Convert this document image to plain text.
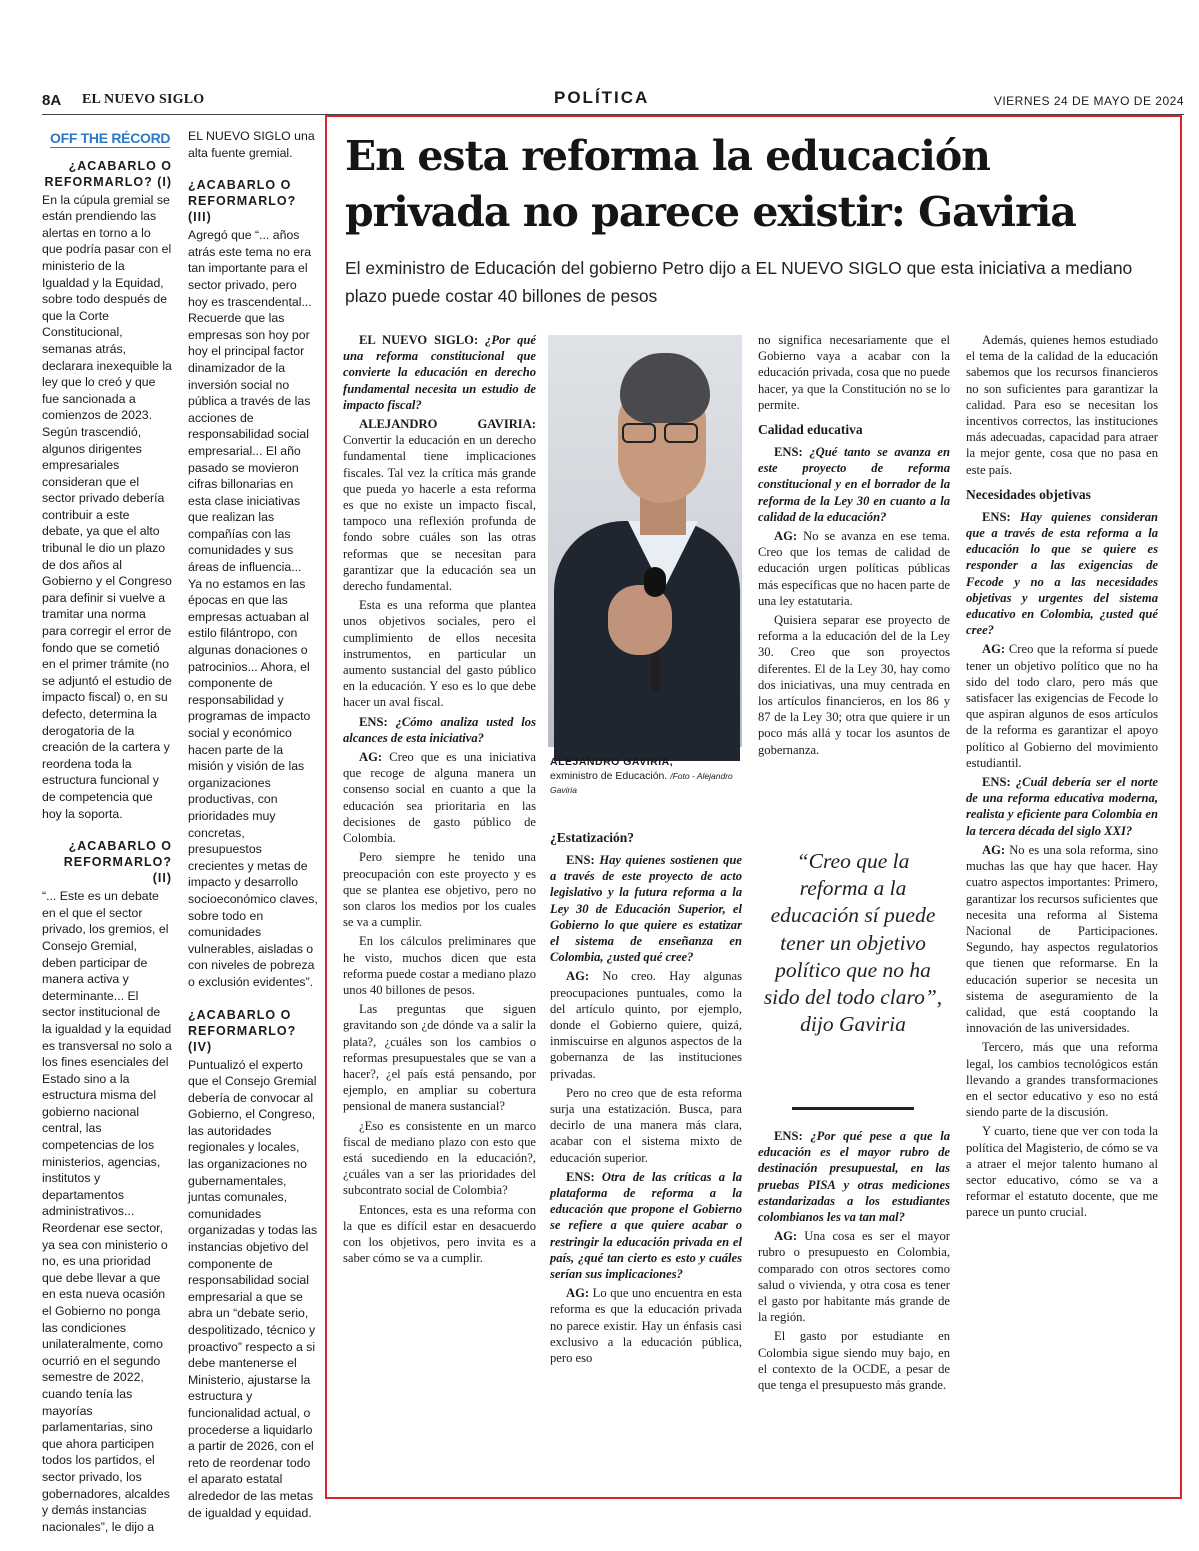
8A EL NUEVO SIGLO	POLÍTICA	VIERNES 24 DE MAYO DE 2024
OFF THE RÉCORD
¿ACABARLO O REFORMARLO? (I)

En la cúpula gremial se están prendiendo las alertas en torno a lo que podría pasar con el ministerio de la Igualdad y la Equidad, sobre todo después de que la Corte Constitucional, semanas atrás, declarara inexequible la ley que lo creó y que fue sancionada a comienzos de 2023. Según trascendió, algunos dirigentes empresariales consideran que el sector privado debería contribuir a este debate, ya que el alto tribunal le dio un plazo de dos años al Gobierno y el Congreso para definir si vuelve a tramitar una norma para corregir el error de fondo que se cometió en el primer trámite (no se adjuntó el estudio de impacto fiscal) o, en su defecto, determina la derogatoria de la creación de la cartera y reordena toda la estructura funcional y de competencia que hoy la soporta.

¿ACABARLO O REFORMARLO? (II)

“... Este es un debate en el que el sector privado, los gremios, el Consejo Gremial, deben participar de manera activa y determinante... El sector institucional de la igualdad y la equidad es transversal no solo a los fines esenciales del Estado sino a la estructura misma del gobierno nacional central, las competencias de los ministerios, agencias, institutos y departamentos administrativos... Reordenar ese sector, ya sea con ministerio o no, es una prioridad que debe llevar a que en esta nueva ocasión el Gobierno no ponga las condiciones unilateralmente, como ocurrió en el segundo semestre de 2022, cuando tenía las mayorías parlamentarias, sino que ahora participen todos los partidos, el sector privado, los gobernadores, alcaldes y demás instancias nacionales”, le dijo a

EL NUEVO SIGLO una alta fuente gremial.

¿ACABARLO O REFORMARLO? (III)

Agregó que “... años atrás este tema no era tan importante para el sector privado, pero hoy es trascendental... Recuerde que las empresas son hoy por hoy el principal factor dinamizador de la inversión social no pública a través de las acciones de responsabilidad social empresarial... El año pasado se movieron cifras billonarias en esta clase iniciativas que realizan las compañías con las comunidades y sus áreas de influencia... Ya no estamos en las épocas en que las empresas actuaban al estilo filántropo, con algunas donaciones o patrocinios... Ahora, el componente de responsabilidad y programas de impacto social y económico hacen parte de la misión y visión de las organizaciones productivas, con prioridades muy concretas, presupuestos crecientes y metas de impacto y desarrollo socioeconómico claves, sobre todo en comunidades vulnerables, aisladas o con niveles de pobreza o exclusión evidentes”.

¿ACABARLO O REFORMARLO? (IV)

Puntualizó el experto que el Consejo Gremial debería de convocar al Gobierno, el Congreso, las autoridades regionales y locales, las organizaciones no gubernamentales, juntas comunales, comunidades organizadas y todas las instancias objetivo del componente de responsabilidad social empresarial a que se abra un “debate serio, despolitizado, técnico y proactivo” respecto a si debe mantenerse el Ministerio, ajustarse la estructura y funcionalidad actual, o procederse a liquidarlo a partir de 2026, con el reto de reordenar todo el aparato estatal alrededor de las metas de igualdad y equidad.

En esta reforma la educación privada no parece existir: Gaviria
El exministro de Educación del gobierno Petro dijo a EL NUEVO SIGLO que esta iniciativa a mediano plazo puede costar 40 billones de pesos

EL NUEVO SIGLO: ¿Por qué una reforma constitucional que convierte la educación en derecho fundamental necesita un estudio de impacto fiscal?

ALEJANDRO GAVIRIA: Convertir la educación en un derecho fundamental tiene implicaciones fiscales. Tal vez la crítica más grande que pueda yo hacerle a esta reforma es que no existe un impacto fiscal, tampoco una reflexión profunda de fondo sobre cuáles son las otras reformas que se necesitan para garantizar que la educación sea un derecho fundamental.

Esta es una reforma que plantea unos objetivos sociales, pero el cumplimiento de ellos necesita instrumentos, en particular un aumento sustancial del gasto público en la educación. Y eso es lo que debe hacer un aval fiscal.

ENS: ¿Cómo analiza usted los alcances de esta iniciativa?

AG: Creo que es una iniciativa que recoge de alguna manera un consenso social en cuanto a que la educación sea prioritaria en las decisiones de gasto público de Colombia.

Pero siempre he tenido una preocupación con este proyecto y es que se plantea ese objetivo, pero no son claros los medios por los cuales se va a cumplir.

En los cálculos preliminares que he visto, muchos dicen que esta reforma puede costar a mediano plazo unos 40 billones de pesos.

Las preguntas que siguen gravitando son ¿de dónde va a salir la plata?, ¿cuáles son los cambios o reformas presupuestales que se van a hacer?, ¿el país está pensando, por ejemplo, en ampliar su cobertura pensional de manera sustancial?

¿Eso es consistente en un marco fiscal de mediano plazo con esto que está sucediendo en la educación?, ¿cuáles van a ser las prioridades del subcontrato social de Colombia?

Entonces, esta es una reforma con la que es difícil estar en desacuerdo con los objetivos, pero invita es a saber cómo se va a cumplir.

¿Estatización?

ENS: Hay quienes sostienen que a través de este proyecto de acto legislativo y la futura reforma a la Ley 30 de Educación Superior, el Gobierno lo que quiere es estatizar el sistema de enseñanza en Colombia, ¿usted qué cree?

AG: No creo. Hay algunas preocupaciones puntuales, como la del artículo quinto, por ejemplo, donde el Gobierno quiere, quizá, inmiscuirse en algunos aspectos de la gobernanza de las instituciones privadas.

Pero no creo que de esta reforma surja una estatización. Busca, para decirlo de una manera más clara, acabar con el sistema mixto de educación superior.

ENS: Otra de las críticas a la plataforma de reforma a la educación que propone el Gobierno se refiere a que quiere acabar o restringir la educación privada en el país, ¿qué tan cierto es esto y cuáles serían sus implicaciones?

AG: Lo que uno encuentra en esta reforma es que la educación privada no parece existir. Hay un énfasis casi exclusivo a la educación pública, pero eso

no significa necesariamente que el Gobierno vaya a acabar con la educación privada, cosa que no puede hacer, ya que la Constitución no se lo permite.

Calidad educativa

ENS: ¿Qué tanto se avanza en este proyecto de reforma constitucional y en el borrador de la reforma de la Ley 30 en cuanto a la calidad de la educación?

AG: No se avanza en ese tema. Creo que los temas de calidad de educación urgen políticas públicas más específicas que no hacen parte de una ley estatutaria.

Quisiera separar ese proyecto de reforma a la educación del de la Ley 30. Creo que son proyectos diferentes. El de la Ley 30, hay como dos iniciativas, una muy centrada en los artículos financieros, en los 86 y 87 de la Ley 30; otra que quiere ir un poco más allá y tocar los asuntos de gobernanza.

ENS: ¿Por qué pese a que la educación es el mayor rubro de destinación presupuestal, en las pruebas PISA y otras mediciones estandarizadas a los estudiantes colombianos les va tan mal?

AG: Una cosa es ser el mayor rubro o presupuesto en Colombia, comparado con otros sectores como salud o vivienda, y otra cosa es tener el gasto por habitante más grande de la región.

El gasto por estudiante en Colombia sigue siendo muy bajo, en el contexto de la OCDE, a pesar de que tenga el presupuesto más grande.

Además, quienes hemos estudiado el tema de la calidad de la educación sabemos que los recursos financieros no son suficientes para garantizar la calidad. Para eso se necesitan los incentivos correctos, las instituciones más adecuadas, capacidad para atraer la mejor gente, cosa que no pasa en este país.

Necesidades objetivas

ENS: Hay quienes consideran que a través de esta reforma a la educación lo que se quiere es responder a las exigencias de Fecode y no a las necesidades objetivas y urgentes del sistema educativo en Colombia, ¿usted qué cree?

AG: Creo que la reforma sí puede tener un objetivo político que no ha sido del todo claro, pero más que satisfacer las exigencias de Fecode lo que aspiran algunos de esos artículos de la reforma es garantizar el apoyo político al Gobierno del movimiento estudiantil.

ENS: ¿Cuál debería ser el norte de una reforma educativa moderna, realista y eficiente para Colombia en la tercera década del siglo XXI?

AG: No es una sola reforma, sino muchas las que hay que hacer. Hay cuatro aspectos importantes: Primero, garantizar los recursos suficientes que necesita una reforma al Sistema Nacional de Participaciones. Segundo, hay aspectos regulatorios que tienen que reformarse. En la educación superior se necesita un sistema de aseguramiento de la calidad, que está cooptando la innovación de las universidades.

Tercero, más que una reforma legal, los cambios tecnológicos están llevando a grandes transformaciones en el sector educativo y eso no está siendo parte de la discusión.

Y cuarto, tiene que ver con toda la política del Magisterio, de cómo se va a atraer el mejor talento humano al sector educativo, cómo se va a reformar el estatuto docente, que me parece un punto crucial.

ALEJANDRO GAVIRIA,
exministro de Educación. /Foto - Alejandro Gaviria
“Creo que la reforma a la educación sí puede tener un objetivo político que no ha sido del todo claro”, dijo Gaviria
